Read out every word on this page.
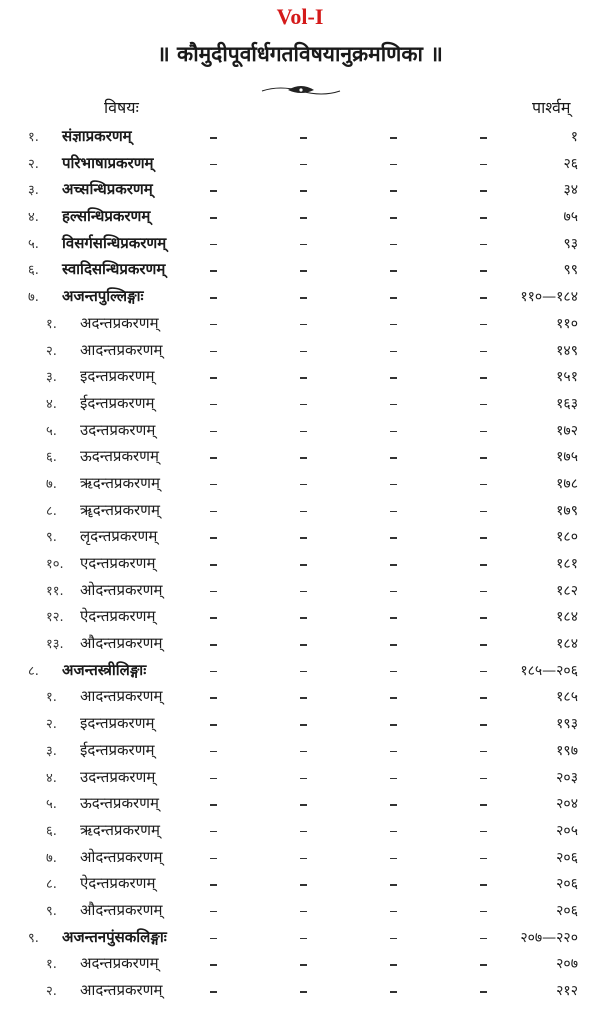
Vol-I
॥ कौमुदीपूर्वार्धगतविषयानुक्रमणिका ॥
विषयः	पार्श्वम्
१. संज्ञाप्रकरणम्	१
२. परिभाषाप्रकरणम्	२६
३. अच्सन्धिप्रकरणम्	३४
४. हल्सन्धिप्रकरणम्	७५
५. विसर्गसन्धिप्रकरणम्	९३
६. स्वादिसन्धिप्रकरणम्	९९
७. अजन्तपुल्लिङ्गाः	११०—१८४
१. अदन्तप्रकरणम्	११०
२. आदन्तप्रकरणम्	१४९
३. इदन्तप्रकरणम्	१५१
४. ईदन्तप्रकरणम्	१६३
५. उदन्तप्रकरणम्	१७२
६. ऊदन्तप्रकरणम्	१७५
७. ऋदन्तप्रकरणम्	१७८
८. ॠदन्तप्रकरणम्	१७९
९. लृदन्तप्रकरणम्	१८०
१०. एदन्तप्रकरणम्	१८१
११. ओदन्तप्रकरणम्	१८२
१२. ऐदन्तप्रकरणम्	१८४
१३. औदन्तप्रकरणम्	१८४
८. अजन्तस्त्रीलिङ्गाः	१८५—२०६
१. आदन्तप्रकरणम्	१८५
२. इदन्तप्रकरणम्	१९३
३. ईदन्तप्रकरणम्	१९७
४. उदन्तप्रकरणम्	२०३
५. ऊदन्तप्रकरणम्	२०४
६. ऋदन्तप्रकरणम्	२०५
७. ओदन्तप्रकरणम्	२०६
८. ऐदन्तप्रकरणम्	२०६
९. औदन्तप्रकरणम्	२०६
९. अजन्तनपुंसकलिङ्गाः	२०७—२२०
१. अदन्तप्रकरणम्	२०७
२. आदन्तप्रकरणम्	२१२
